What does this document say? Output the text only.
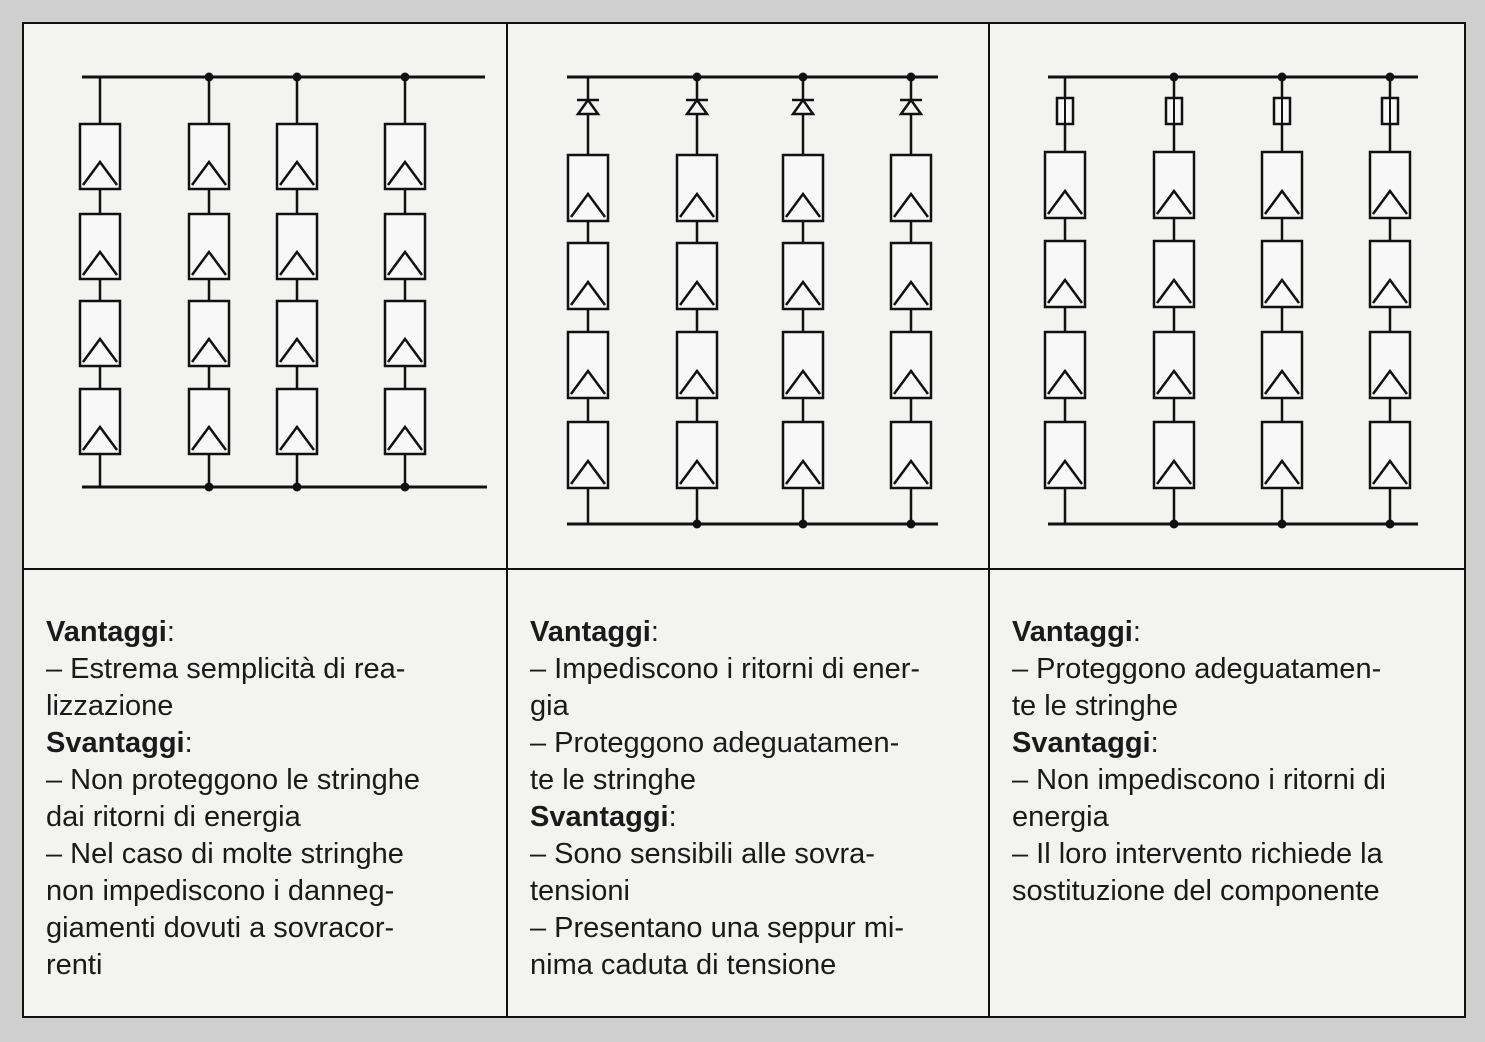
Vantaggi:
– Estrema semplicità di rea-
lizzazione
Svantaggi:
– Non proteggono le stringhe
dai ritorni di energia
– Nel caso di molte stringhe
non impediscono i danneg-
giamenti dovuti a sovracor-
renti
Vantaggi:
– Impediscono i ritorni di ener-
gia
– Proteggono adeguatamen-
te le stringhe
Svantaggi:
– Sono sensibili alle sovra-
tensioni
– Presentano una seppur mi-
nima caduta di tensione
Vantaggi:
– Proteggono adeguatamen-
te le stringhe
Svantaggi:
– Non impediscono i ritorni di
energia
– Il loro intervento richiede la
sostituzione del componente
